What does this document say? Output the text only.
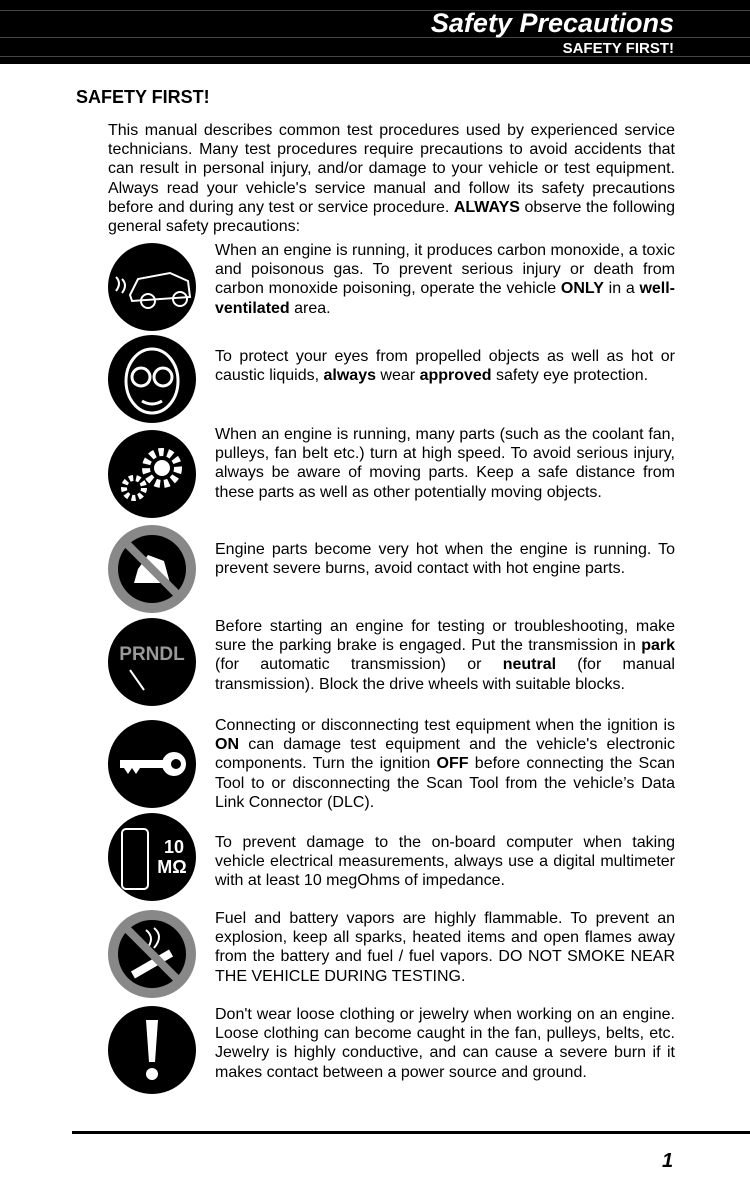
Safety Precautions
SAFETY FIRST!
SAFETY FIRST!
This manual describes common test procedures used by experienced service technicians. Many test procedures require precautions to avoid accidents that can result in personal injury, and/or damage to your vehicle or test equipment. Always read your vehicle's service manual and follow its safety precautions before and during any test or service procedure. ALWAYS observe the following general safety precautions:
When an engine is running, it produces carbon monoxide, a toxic and poisonous gas. To prevent serious injury or death from carbon monoxide poisoning, operate the vehicle ONLY in a well-ventilated area.
To protect your eyes from propelled objects as well as hot or caustic liquids, always wear approved safety eye protection.
When an engine is running, many parts (such as the coolant fan, pulleys, fan belt etc.) turn at high speed. To avoid serious injury, always be aware of moving parts. Keep a safe distance from these parts as well as other potentially moving objects.
Engine parts become very hot when the engine is running. To prevent severe burns, avoid contact with hot engine parts.
PRNDL
Before starting an engine for testing or troubleshooting, make sure the parking brake is engaged. Put the transmission in park (for automatic transmission) or neutral (for manual transmission). Block the drive wheels with suitable blocks.
Connecting or disconnecting test equipment when the ignition is ON can damage test equipment and the vehicle's electronic components. Turn the ignition OFF before connecting the Scan Tool to or disconnecting the Scan Tool from the vehicle’s Data Link Connector (DLC).
10
MΩ
To prevent damage to the on-board computer when taking vehicle electrical measurements, always use a digital multimeter with at least 10 megOhms of impedance.
Fuel and battery vapors are highly flammable. To prevent an explosion, keep all sparks, heated items and open flames away from the battery and fuel / fuel vapors. DO NOT SMOKE NEAR THE VEHICLE DURING TESTING.
Don't wear loose clothing or jewelry when working on an engine. Loose clothing can become caught in the fan, pulleys, belts, etc. Jewelry is highly conductive, and can cause a severe burn if it makes contact between a power source and ground.
1
